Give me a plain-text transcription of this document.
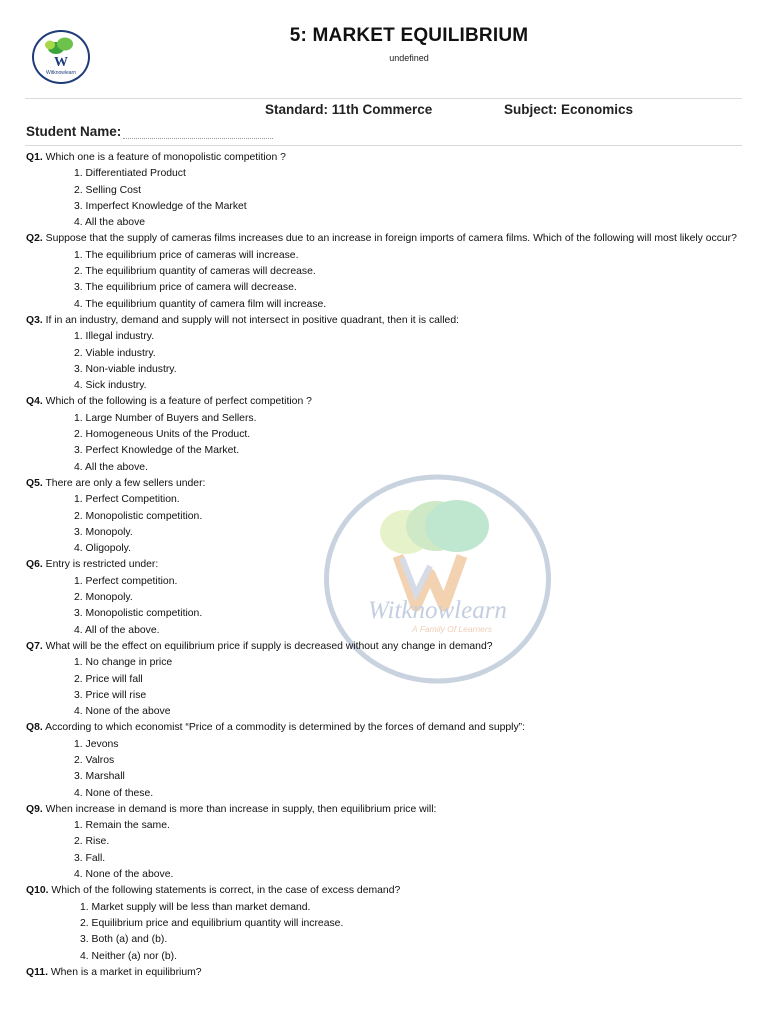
W
Witknowlearn
5: MARKET EQUILIBRIUM
undefined
Standard: 11th Commerce	Subject: Economics
Student Name:
Witknowlearn
A Family Of Learners

Q1. Which one is a feature of monopolistic competition ?

1. Differentiated Product
2. Selling Cost
3. Imperfect Knowledge of the Market
4. All the above

Q2. Suppose that the supply of cameras films increases due to an increase in foreign imports of camera films. Which of the following will most likely occur?

1. The equilibrium price of cameras will increase.
2. The equilibrium quantity of cameras will decrease.
3. The equilibrium price of camera will decrease.
4. The equilibrium quantity of camera film will increase.

Q3. If in an industry, demand and supply will not intersect in positive quadrant, then it is called:

1. Illegal industry.
2. Viable industry.
3. Non-viable industry.
4. Sick industry.

Q4. Which of the following is a feature of perfect competition ?

1. Large Number of Buyers and Sellers.
2. Homogeneous Units of the Product.
3. Perfect Knowledge of the Market.
4. All the above.

Q5. There are only a few sellers under:

1. Perfect Competition.
2. Monopolistic competition.
3. Monopoly.
4. Oligopoly.

Q6. Entry is restricted under:

1. Perfect competition.
2. Monopoly.
3. Monopolistic competition.
4. All of the above.

Q7. What will be the effect on equilibrium price if supply is decreased without any change in demand?

1. No change in price
2. Price will fall
3. Price will rise
4. None of the above

Q8. According to which economist “Price of a commodity is determined by the forces of demand and supply”:

1. Jevons
2. Valros
3. Marshall
4. None of these.

Q9. When increase in demand is more than increase in supply, then equilibrium price will:

1. Remain the same.
2. Rise.
3. Fall.
4. None of the above.

Q10. Which of the following statements is correct, in the case of excess demand?

1. Market supply will be less than market demand.
2. Equilibrium price and equilibrium quantity will increase.
3. Both (a) and (b).
4. Neither (a) nor (b).

Q11. When is a market in equilibrium?
